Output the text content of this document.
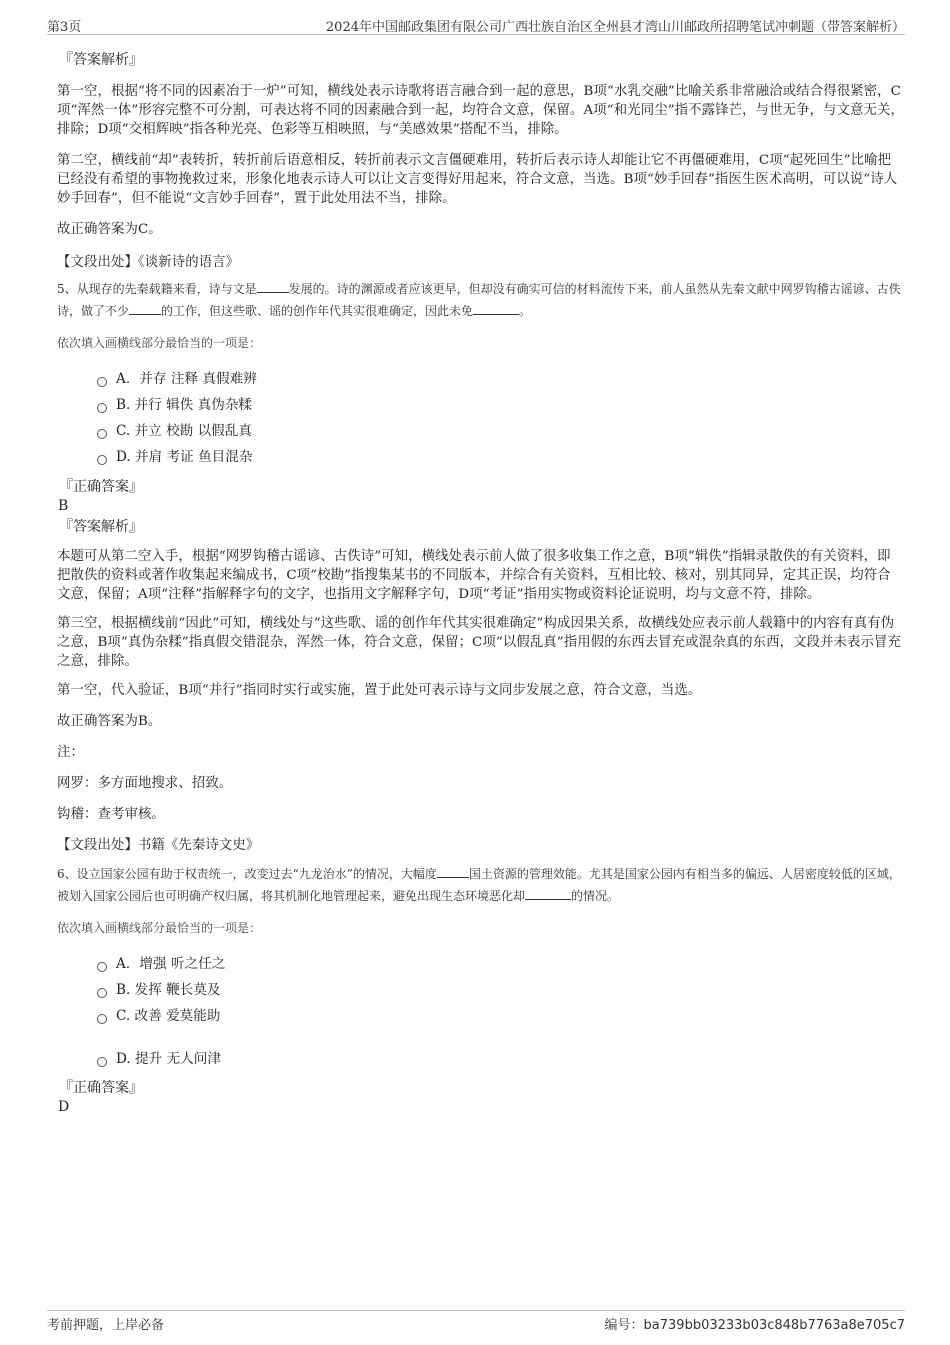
第3页	2024年中国邮政集团有限公司广西壮族自治区全州县才湾山川邮政所招聘笔试冲刺题（带答案解析）
『答案解析』

第一空，根据“将不同的因素冶于一炉”可知，横线处表示诗歌将语言融合到一起的意思，B项“水乳交融”比喻关系非常融洽或结合得很紧密，C项“浑然一体”形容完整不可分割，可表达将不同的因素融合到一起，均符合文意，保留。A项“和光同尘”指不露锋芒，与世无争，与文意无关，排除；D项“交相辉映”指各种光亮、色彩等互相映照，与“美感效果”搭配不当，排除。

第二空，横线前“却”表转折，转折前后语意相反，转折前表示文言僵硬难用，转折后表示诗人却能让它不再僵硬难用，C项“起死回生”比喻把已经没有希望的事物挽救过来，形象化地表示诗人可以让文言变得好用起来，符合文意，当选。B项“妙手回春”指医生医术高明，可以说“诗人妙手回春”，但不能说“文言妙手回春”，置于此处用法不当，排除。

故正确答案为C。

【文段出处】《谈新诗的语言》

5、从现存的先秦载籍来看，诗与文是	发展的。诗的渊源或者应该更早，但却没有确实可信的材料流传下来，前人虽然从先秦文献中网罗钩稽古谣谚、古佚诗，做了不少	的工作，但这些歌、谣的创作年代其实很难确定，因此未免	。

依次填入画横线部分最恰当的一项是：

A．并存 注释 真假难辨
B. 并行 辑佚 真伪杂糅
C. 并立 校勘 以假乱真
D. 并肩 考证 鱼目混杂
『正确答案』
B
『答案解析』

本题可从第二空入手，根据“网罗钩稽古谣谚、古佚诗”可知，横线处表示前人做了很多收集工作之意，B项“辑佚”指辑录散佚的有关资料，即把散佚的资料或著作收集起来编成书，C项“校勘”指搜集某书的不同版本，并综合有关资料，互相比较、核对，别其同异，定其正误，均符合文意，保留；A项“注释”指解释字句的文字，也指用文字解释字句，D项“考证”指用实物或资料论证说明，均与文意不符，排除。

第三空，根据横线前“因此”可知，横线处与“这些歌、谣的创作年代其实很难确定”构成因果关系，故横线处应表示前人载籍中的内容有真有伪之意，B项“真伪杂糅”指真假交错混杂，浑然一体，符合文意，保留；C项“以假乱真”指用假的东西去冒充或混杂真的东西，文段并未表示冒充之意，排除。

第一空，代入验证，B项“并行”指同时实行或实施，置于此处可表示诗与文同步发展之意，符合文意，当选。

故正确答案为B。

注：

网罗：多方面地搜求、招致。

钩稽：查考审核。

【文段出处】书籍《先秦诗文史》

6、设立国家公园有助于权责统一，改变过去“九龙治水”的情况，大幅度	国土资源的管理效能。尤其是国家公园内有相当多的偏远、人居密度较低的区域，被划入国家公园后也可明确产权归属，将其机制化地管理起来，避免出现生态环境恶化却	的情况。

依次填入画横线部分最恰当的一项是：

A．增强 听之任之
B. 发挥 鞭长莫及
C. 改善 爱莫能助
D. 提升 无人问津
『正确答案』
D
考前押题，上岸必备	编号：ba739bb03233b03c848b7763a8e705c7
